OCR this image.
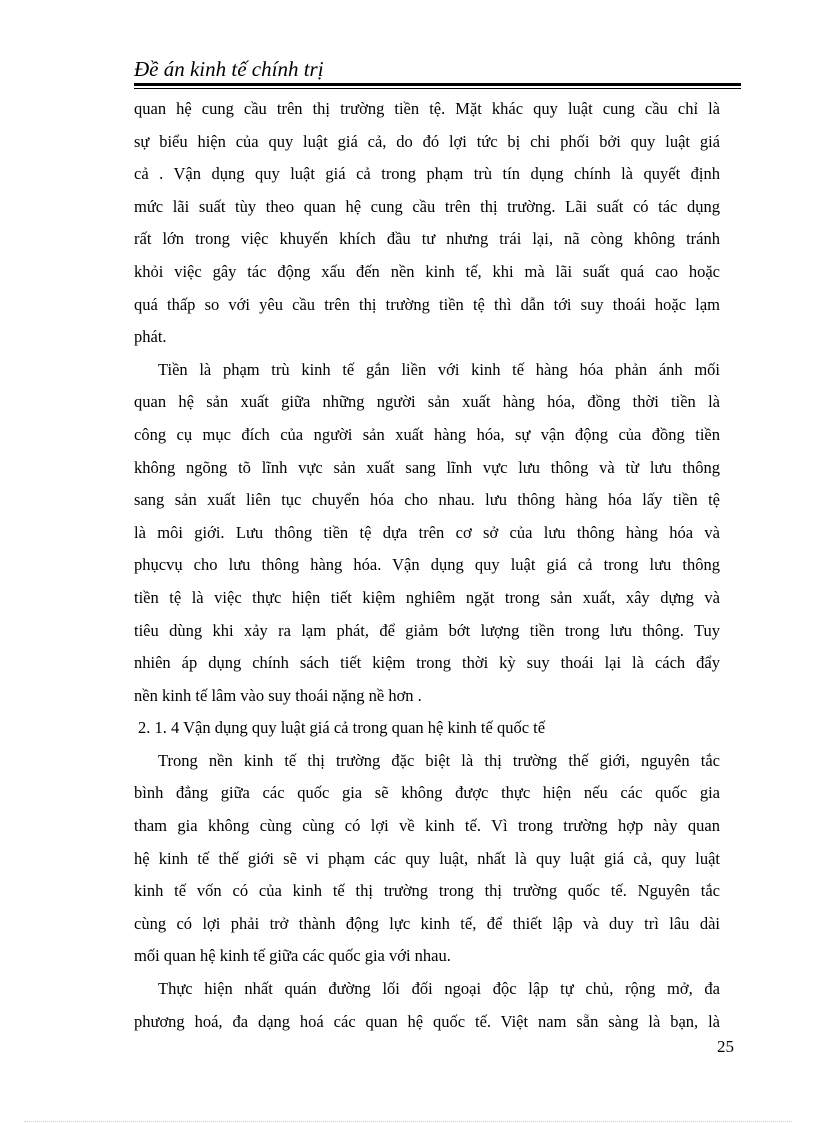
Đề án kinh tế chính trị
quan hệ cung cầu trên thị trường tiền tệ. Mặt khác quy luật cung cầu chỉ là
sự biểu hiện của quy luật giá cả, do đó lợi tức bị chi phối bởi quy luật giá
cả . Vận dụng quy luật giá cả trong phạm trù tín dụng chính là quyết định
mức lãi suất tùy theo quan hệ cung cầu trên thị trường. Lãi suất có tác dụng
rất lớn trong việc khuyến khích đầu tư nhưng trái lại, nã còng không tránh
khỏi việc gây tác động xấu đến nền kinh tế, khi mà lãi suất quá cao hoặc
quá thấp so với yêu cầu trên thị trường tiền tệ thì dẫn tới suy thoái hoặc lạm
phát.
Tiền là phạm trù kinh tế gắn liền với kinh tế hàng hóa phản ánh mối
quan hệ sản xuất giữa những người sản xuất hàng hóa, đồng thời tiền là
công cụ mục đích của người sản xuất hàng hóa, sự vận động của đồng tiền
không ngõng tõ lĩnh vực sản xuất sang lĩnh vực lưu thông và từ lưu thông
sang sản xuất liên tục chuyển hóa cho nhau. lưu thông hàng hóa lấy tiền tệ
là môi giới. Lưu thông tiền tệ dựa trên cơ sở của lưu thông hàng hóa và
phụcvụ cho lưu thông hàng hóa. Vận dụng quy luật giá cả trong lưu thông
tiền tệ là việc thực hiện tiết kiệm nghiêm ngặt trong sản xuất, xây dựng và
tiêu dùng khi xảy ra lạm phát, để giảm bớt lượng tiền trong lưu thông. Tuy
nhiên áp dụng chính sách tiết kiệm trong thời kỳ suy thoái lại là cách đẩy
nền kinh tế lâm vào suy thoái nặng nề hơn .
2. 1. 4 Vận dụng quy luật giá cả trong quan hệ kinh tế quốc tế
Trong nền kinh tế thị trường đặc biệt là thị trường thế giới, nguyên tắc
bình đẳng giữa các quốc gia sẽ không được thực hiện nếu các quốc gia
tham gia không cùng cùng có lợi về kinh tế. Vì trong trường hợp này quan
hệ kinh tế thế giới sẽ vi phạm các quy luật, nhất là quy luật giá cả, quy luật
kinh tế vốn có của kinh tế thị trường trong thị trường quốc tế. Nguyên tắc
cùng có lợi phải trở thành động lực kinh tế, để thiết lập và duy trì lâu dài
mối quan hệ kinh tế giữa các quốc gia với nhau.
Thực hiện nhất quán đường lối đối ngoại độc lập tự chủ, rộng mở, đa
phương hoá, đa dạng hoá các quan hệ quốc tế. Việt nam sẵn sàng là bạn, là
25
